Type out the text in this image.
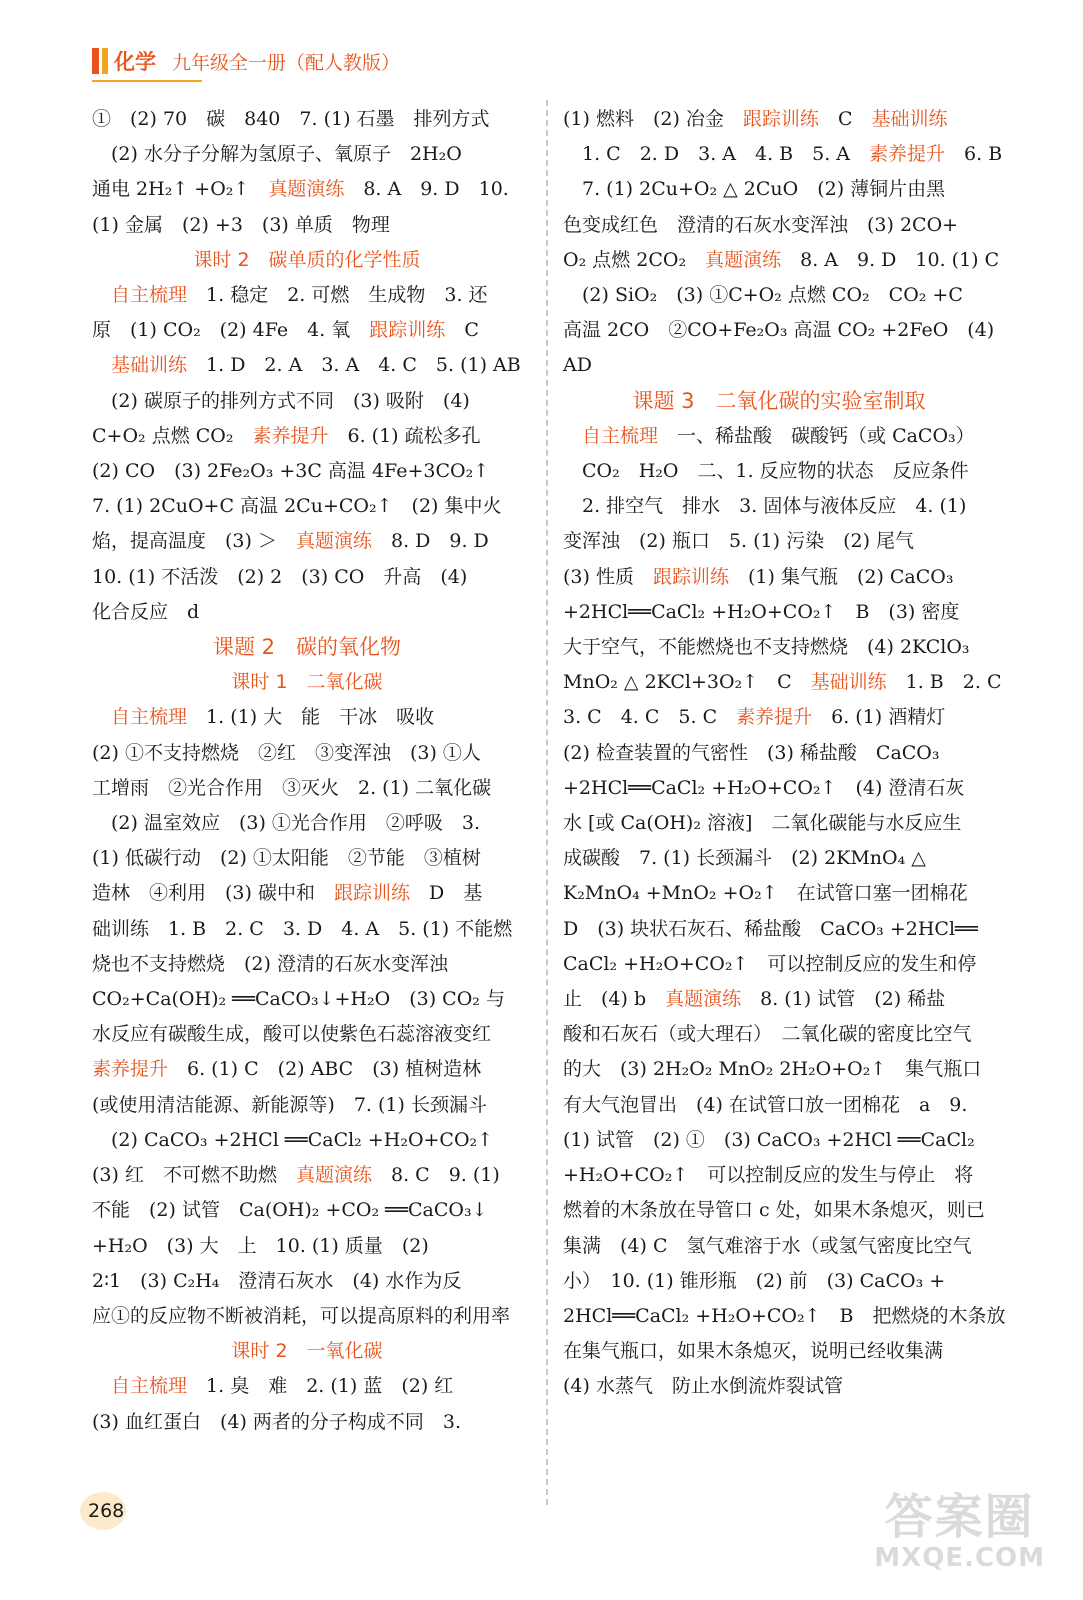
化学 九年级全一册（配人教版）
①　(2) 70　碳　840　7. (1) 石墨　排列方式
　(2) 水分子分解为氢原子、氧原子　2H₂O
通电 2H₂↑ +O₂↑　真题演练　8. A　9. D　10.
(1) 金属　(2) +3　(3) 单质　物理
课时 2　碳单质的化学性质
　自主梳理　1. 稳定　2. 可燃　生成物　3. 还
原　(1) CO₂　(2) 4Fe　4. 氧　跟踪训练　C
　基础训练　1. D　2. A　3. A　4. C　5. (1) AB
　(2) 碳原子的排列方式不同　(3) 吸附　(4)
C+O₂ 点燃 CO₂　素养提升　6. (1) 疏松多孔
(2) CO　(3) 2Fe₂O₃ +3C 高温 4Fe+3CO₂↑
7. (1) 2CuO+C 高温 2Cu+CO₂↑　(2) 集中火
焰，提高温度　(3) ＞　真题演练　8. D　9. D
10. (1) 不活泼　(2) 2　(3) CO　升高　(4)
化合反应　d
课题 2　碳的氧化物
课时 1　二氧化碳
　自主梳理　1. (1) 大　能　干冰　吸收
(2) ①不支持燃烧　②红　③变浑浊　(3) ①人
工增雨　②光合作用　③灭火　2. (1) 二氧化碳
　(2) 温室效应　(3) ①光合作用　②呼吸　3.
(1) 低碳行动　(2) ①太阳能　②节能　③植树
造林　④利用　(3) 碳中和　跟踪训练　D　基
础训练　1. B　2. C　3. D　4. A　5. (1) 不能燃
烧也不支持燃烧　(2) 澄清的石灰水变浑浊
CO₂+Ca(OH)₂ ══CaCO₃↓+H₂O　(3) CO₂ 与
水反应有碳酸生成，酸可以使紫色石蕊溶液变红
素养提升　6. (1) C　(2) ABC　(3) 植树造林
(或使用清洁能源、新能源等)　7. (1) 长颈漏斗
　(2) CaCO₃ +2HCl ══CaCl₂ +H₂O+CO₂↑
(3) 红　不可燃不助燃　真题演练　8. C　9. (1)
不能　(2) 试管　Ca(OH)₂ +CO₂ ══CaCO₃↓
+H₂O　(3) 大　上　10. (1) 质量　(2)
2∶1　(3) C₂H₄　澄清石灰水　(4) 水作为反
应①的反应物不断被消耗，可以提高原料的利用率
课时 2　一氧化碳
　自主梳理　1. 臭　难　2. (1) 蓝　(2) 红
(3) 血红蛋白　(4) 两者的分子构成不同　3.
(1) 燃料　(2) 冶金　跟踪训练　C　基础训练
　1. C　2. D　3. A　4. B　5. A　素养提升　6. B
　7. (1) 2Cu+O₂ △ 2CuO　(2) 薄铜片由黑
色变成红色　澄清的石灰水变浑浊　(3) 2CO+
O₂ 点燃 2CO₂　真题演练　8. A　9. D　10. (1) C
　(2) SiO₂　(3) ①C+O₂ 点燃 CO₂　CO₂ +C
高温 2CO　②CO+Fe₂O₃ 高温 CO₂ +2FeO　(4)
AD
课题 3　二氧化碳的实验室制取
　自主梳理　一、稀盐酸　碳酸钙（或 CaCO₃）
　CO₂　H₂O　二、1. 反应物的状态　反应条件
　2. 排空气　排水　3. 固体与液体反应　4. (1)
变浑浊　(2) 瓶口　5. (1) 污染　(2) 尾气
(3) 性质　跟踪训练　(1) 集气瓶　(2) CaCO₃
+2HCl══CaCl₂ +H₂O+CO₂↑　B　(3) 密度
大于空气，不能燃烧也不支持燃烧　(4) 2KClO₃
MnO₂ △ 2KCl+3O₂↑　C　基础训练　1. B　2. C
3. C　4. C　5. C　素养提升　6. (1) 酒精灯
(2) 检查装置的气密性　(3) 稀盐酸　CaCO₃
+2HCl══CaCl₂ +H₂O+CO₂↑　(4) 澄清石灰
水 [或 Ca(OH)₂ 溶液]　二氧化碳能与水反应生
成碳酸　7. (1) 长颈漏斗　(2) 2KMnO₄ △
K₂MnO₄ +MnO₂ +O₂↑　在试管口塞一团棉花
D　(3) 块状石灰石、稀盐酸　CaCO₃ +2HCl══
CaCl₂ +H₂O+CO₂↑　可以控制反应的发生和停
止　(4) b　真题演练　8. (1) 试管　(2) 稀盐
酸和石灰石（或大理石）　二氧化碳的密度比空气
的大　(3) 2H₂O₂ MnO₂ 2H₂O+O₂↑　集气瓶口
有大气泡冒出　(4) 在试管口放一团棉花　a　9.
(1) 试管　(2) ①　(3) CaCO₃ +2HCl ══CaCl₂
+H₂O+CO₂↑　可以控制反应的发生与停止　将
燃着的木条放在导管口 c 处，如果木条熄灭，则已
集满　(4) C　氢气难溶于水（或氢气密度比空气
小）　10. (1) 锥形瓶　(2) 前　(3) CaCO₃ +
2HCl══CaCl₂ +H₂O+CO₂↑　B　把燃烧的木条放
在集气瓶口，如果木条熄灭，说明已经收集满
(4) 水蒸气　防止水倒流炸裂试管
268	答案圈
MXQE.COM
